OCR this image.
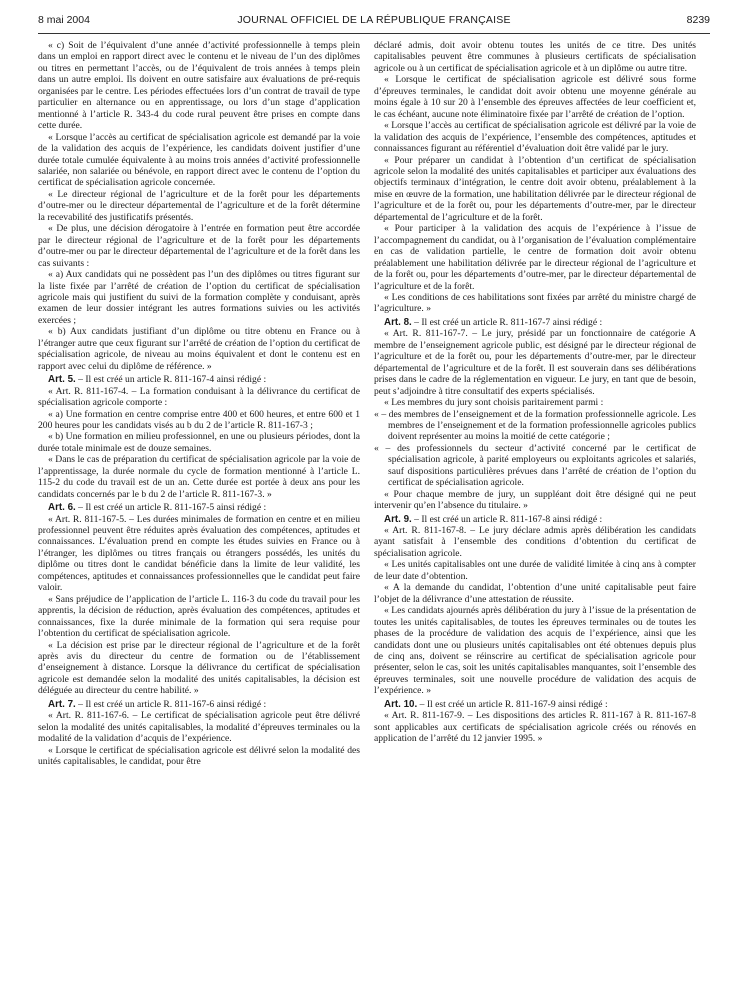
8 mai 2004	JOURNAL OFFICIEL DE LA RÉPUBLIQUE FRANÇAISE	8239

« c) Soit de l’équivalent d’une année d’activité professionnelle à temps plein dans un emploi en rapport direct avec le contenu et le niveau de l’un des diplômes ou titres en permettant l’accès, ou de l’équivalent de trois années à temps plein dans un autre emploi. Ils doivent en outre satisfaire aux évaluations de pré-requis organisées par le centre. Les périodes effectuées lors d’un contrat de travail de type particulier en alternance ou en apprentissage, ou lors d’un stage d’application mentionné à l’article R. 343-4 du code rural peuvent être prises en compte dans cette durée.

« Lorsque l’accès au certificat de spécialisation agricole est demandé par la voie de la validation des acquis de l’expérience, les candidats doivent justifier d’une durée totale cumulée équivalente à au moins trois années d’activité professionnelle salariée, non salariée ou bénévole, en rapport direct avec le contenu de l’option du certificat de spécialisation agricole concernée.

« Le directeur régional de l’agriculture et de la forêt pour les départements d’outre-mer ou le directeur départemental de l’agriculture et de la forêt détermine la recevabilité des justificatifs présentés.

« De plus, une décision dérogatoire à l’entrée en formation peut être accordée par le directeur régional de l’agriculture et de la forêt pour les départements d’outre-mer ou par le directeur départemental de l’agriculture et de la forêt dans les cas suivants :

« a) Aux candidats qui ne possèdent pas l’un des diplômes ou titres figurant sur la liste fixée par l’arrêté de création de l’option du certificat de spécialisation agricole mais qui justifient du suivi de la formation complète y conduisant, après examen de leur dossier intégrant les autres formations suivies ou les activités exercées ;

« b) Aux candidats justifiant d’un diplôme ou titre obtenu en France ou à l’étranger autre que ceux figurant sur l’arrêté de création de l’option du certificat de spécialisation agricole, de niveau au moins équivalent et dont le contenu est en rapport avec celui du diplôme de référence. »

Art. 5. – Il est créé un article R. 811-167-4 ainsi rédigé :

« Art. R. 811-167-4. – La formation conduisant à la délivrance du certificat de spécialisation agricole comporte :

« a) Une formation en centre comprise entre 400 et 600 heures, et entre 600 et 1 200 heures pour les candidats visés au b du 2 de l’article R. 811-167-3 ;

« b) Une formation en milieu professionnel, en une ou plusieurs périodes, dont la durée totale minimale est de douze semaines.

« Dans le cas de préparation du certificat de spécialisation agricole par la voie de l’apprentissage, la durée normale du cycle de formation mentionné à l’article L. 115-2 du code du travail est de un an. Cette durée est portée à deux ans pour les candidats concernés par le b du 2 de l’article R. 811-167-3. »

Art. 6. – Il est créé un article R. 811-167-5 ainsi rédigé :

« Art. R. 811-167-5. – Les durées minimales de formation en centre et en milieu professionnel peuvent être réduites après évaluation des compétences, aptitudes et connaissances. L’évaluation prend en compte les études suivies en France ou à l’étranger, les diplômes ou titres français ou étrangers possédés, les unités du diplôme ou titres dont le candidat bénéficie dans la limite de leur validité, les compétences, aptitudes et connaissances professionnelles que le candidat peut faire valoir.

« Sans préjudice de l’application de l’article L. 116-3 du code du travail pour les apprentis, la décision de réduction, après évaluation des compétences, aptitudes et connaissances, fixe la durée minimale de la formation qui sera requise pour l’obtention du certificat de spécialisation agricole.

« La décision est prise par le directeur régional de l’agriculture et de la forêt après avis du directeur du centre de formation ou de l’établissement d’enseignement à distance. Lorsque la délivrance du certificat de spécialisation agricole est demandée selon la modalité des unités capitalisables, la décision est déléguée au directeur du centre habilité. »

Art. 7. – Il est créé un article R. 811-167-6 ainsi rédigé :

« Art. R. 811-167-6. – Le certificat de spécialisation agricole peut être délivré selon la modalité des unités capitalisables, la modalité d’épreuves terminales ou la modalité de la validation d’acquis de l’expérience.

« Lorsque le certificat de spécialisation agricole est délivré selon la modalité des unités capitalisables, le candidat, pour être

déclaré admis, doit avoir obtenu toutes les unités de ce titre. Des unités capitalisables peuvent être communes à plusieurs certificats de spécialisation agricole ou à un certificat de spécialisation agricole et à un diplôme ou autre titre.

« Lorsque le certificat de spécialisation agricole est délivré sous forme d’épreuves terminales, le candidat doit avoir obtenu une moyenne générale au moins égale à 10 sur 20 à l’ensemble des épreuves affectées de leur coefficient et, le cas échéant, aucune note éliminatoire fixée par l’arrêté de création de l’option.

« Lorsque l’accès au certificat de spécialisation agricole est délivré par la voie de la validation des acquis de l’expérience, l’ensemble des compétences, aptitudes et connaissances figurant au référentiel d’évaluation doit être validé par le jury.

« Pour préparer un candidat à l’obtention d’un certificat de spécialisation agricole selon la modalité des unités capitalisables et participer aux évaluations des objectifs terminaux d’intégration, le centre doit avoir obtenu, préalablement à la mise en œuvre de la formation, une habilitation délivrée par le directeur régional de l’agriculture et de la forêt ou, pour les départements d’outre-mer, par le directeur départemental de l’agriculture et de la forêt.

« Pour participer à la validation des acquis de l’expérience à l’issue de l’accompagnement du candidat, ou à l’organisation de l’évaluation complémentaire en cas de validation partielle, le centre de formation doit avoir obtenu préalablement une habilitation délivrée par le directeur régional de l’agriculture et de la forêt ou, pour les départements d’outre-mer, par le directeur départemental de l’agriculture et de la forêt.

« Les conditions de ces habilitations sont fixées par arrêté du ministre chargé de l’agriculture. »

Art. 8. – Il est créé un article R. 811-167-7 ainsi rédigé :

« Art. R. 811-167-7. – Le jury, présidé par un fonctionnaire de catégorie A membre de l’enseignement agricole public, est désigné par le directeur régional de l’agriculture et de la forêt ou, pour les départements d’outre-mer, par le directeur départemental de l’agriculture et de la forêt. Il est souverain dans ses délibérations prises dans le cadre de la réglementation en vigueur. Le jury, en tant que de besoin, peut s’adjoindre à titre consultatif des experts spécialisés.

« Les membres du jury sont choisis paritairement parmi :

« – des membres de l’enseignement et de la formation professionnelle agricole. Les membres de l’enseignement et de la formation professionnelle agricoles publics doivent représenter au moins la moitié de cette catégorie ;

« – des professionnels du secteur d’activité concerné par le certificat de spécialisation agricole, à parité employeurs ou exploitants agricoles et salariés, sauf dispositions particulières prévues dans l’arrêté de création de l’option du certificat de spécialisation agricole.

« Pour chaque membre de jury, un suppléant doit être désigné qui ne peut intervenir qu’en l’absence du titulaire. »

Art. 9. – Il est créé un article R. 811-167-8 ainsi rédigé :

« Art. R. 811-167-8. – Le jury déclare admis après délibération les candidats ayant satisfait à l’ensemble des conditions d’obtention du certificat de spécialisation agricole.

« Les unités capitalisables ont une durée de validité limitée à cinq ans à compter de leur date d’obtention.

« A la demande du candidat, l’obtention d’une unité capitalisable peut faire l’objet de la délivrance d’une attestation de réussite.

« Les candidats ajournés après délibération du jury à l’issue de la présentation de toutes les unités capitalisables, de toutes les épreuves terminales ou de toutes les phases de la procédure de validation des acquis de l’expérience, ainsi que les candidats dont une ou plusieurs unités capitalisables ont été obtenues depuis plus de cinq ans, doivent se réinscrire au certificat de spécialisation agricole pour présenter, selon le cas, soit les unités capitalisables manquantes, soit l’ensemble des épreuves terminales, soit une nouvelle procédure de validation des acquis de l’expérience. »

Art. 10. – Il est créé un article R. 811-167-9 ainsi rédigé :

« Art. R. 811-167-9. – Les dispositions des articles R. 811-167 à R. 811-167-8 sont applicables aux certificats de spécialisation agricole créés ou rénovés en application de l’arrêté du 12 janvier 1995. »
